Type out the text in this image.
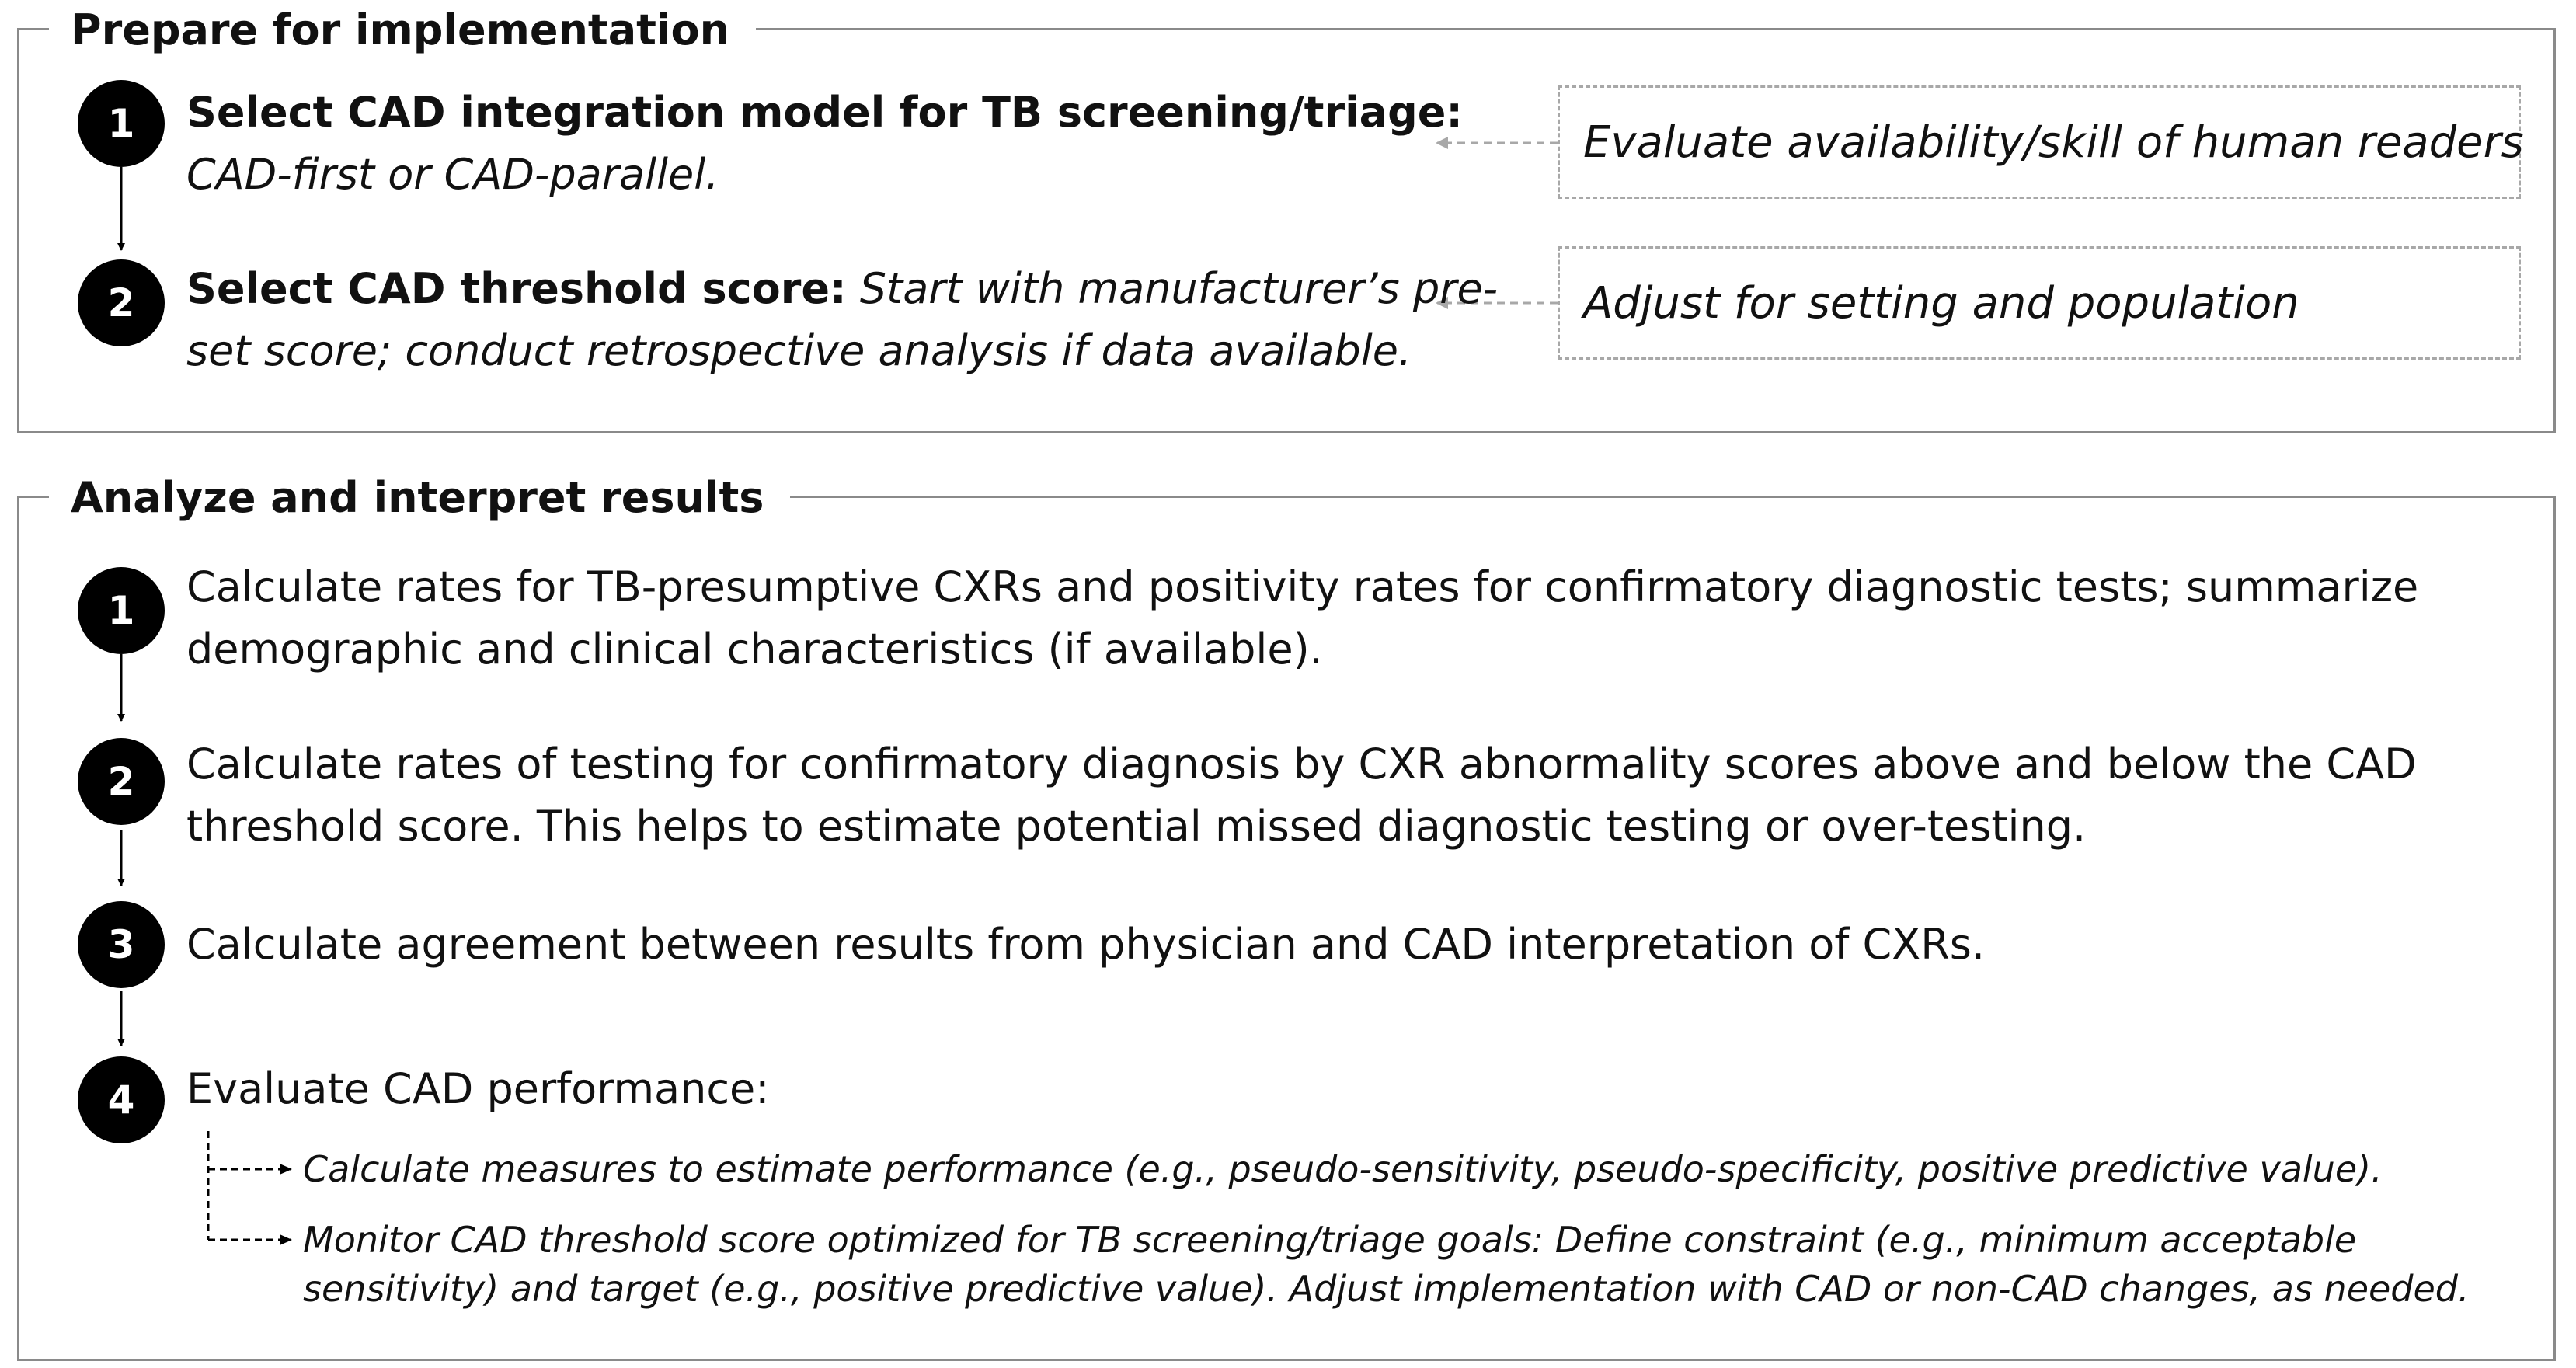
Prepare for implementation
1	Select CAD integration model for TB screening/triage:
CAD-first or CAD-parallel.
2	Select CAD threshold score: Start with manufacturer’s pre-
set score; conduct retrospective analysis if data available.
Evaluate availability/skill of human readers
Adjust for setting and population
Analyze and interpret results
1	Calculate rates for TB-presumptive CXRs and positivity rates for confirmatory diagnostic tests; summarize
demographic and clinical characteristics (if available).
2	Calculate rates of testing for confirmatory diagnosis by CXR abnormality scores above and below the CAD
threshold score. This helps to estimate potential missed diagnostic testing or over-testing.
3	Calculate agreement between results from physician and CAD interpretation of CXRs.
4	Evaluate CAD performance:
Calculate measures to estimate performance (e.g., pseudo-sensitivity, pseudo-specificity, positive predictive value).
Monitor CAD threshold score optimized for TB screening/triage goals: Define constraint (e.g., minimum acceptable
sensitivity) and target (e.g., positive predictive value). Adjust implementation with CAD or non-CAD changes, as needed.
